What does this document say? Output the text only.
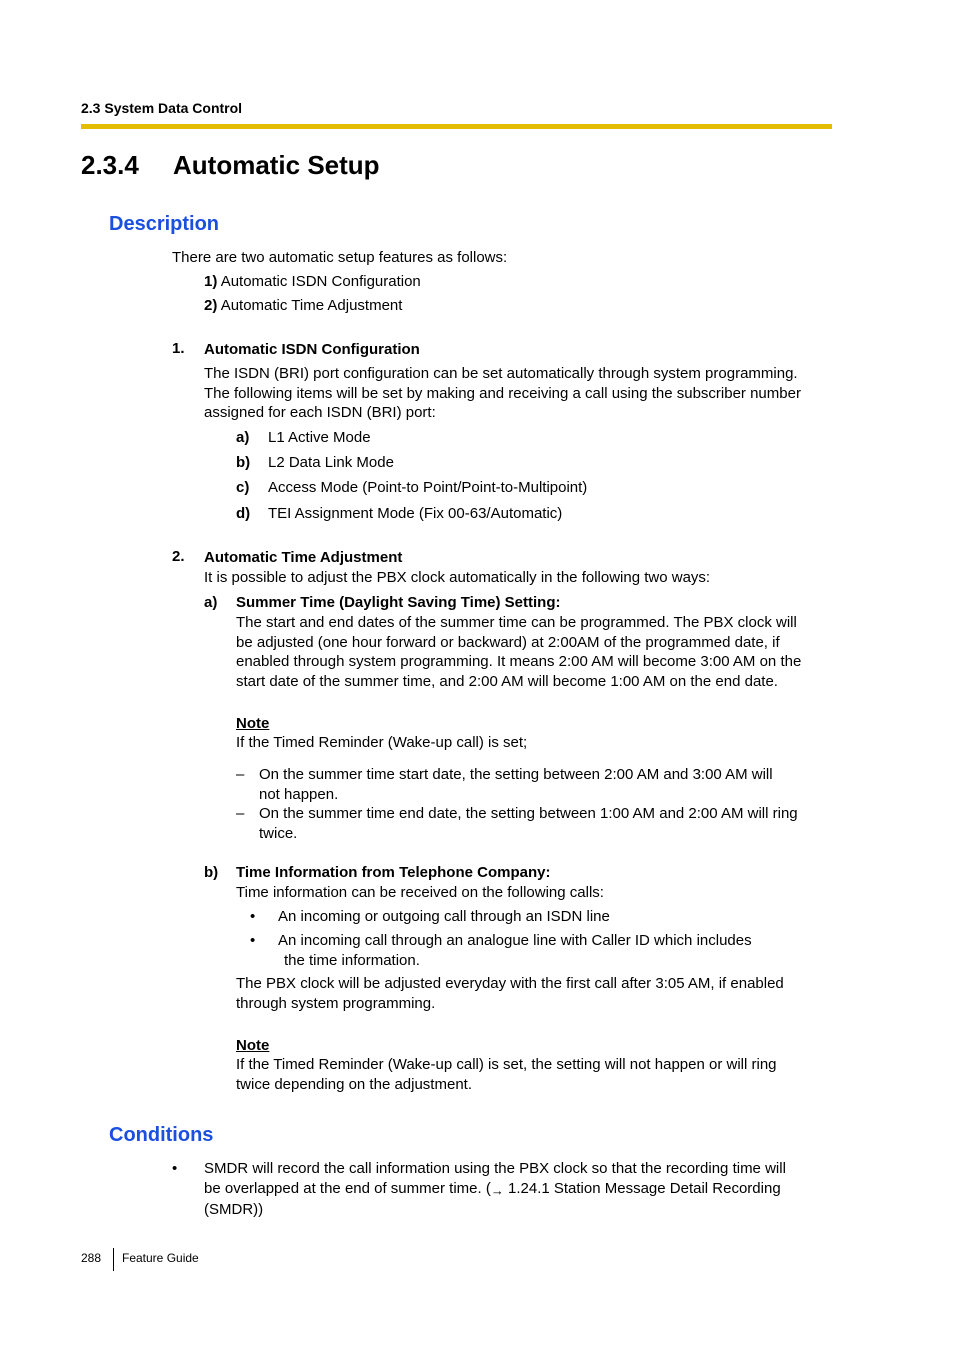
2.3 System Data Control
2.3.4 Automatic Setup
Description
There are two automatic setup features as follows:
1) Automatic ISDN Configuration
2) Automatic Time Adjustment
1. Automatic ISDN Configuration
The ISDN (BRI) port configuration can be set automatically through system programming.
The following items will be set by making and receiving a call using the subscriber number
assigned for each ISDN (BRI) port:
a) L1 Active Mode
b) L2 Data Link Mode
c) Access Mode (Point-to Point/Point-to-Multipoint)
d) TEI Assignment Mode (Fix 00-63/Automatic)
2. Automatic Time Adjustment
It is possible to adjust the PBX clock automatically in the following two ways:
a) Summer Time (Daylight Saving Time) Setting:
The start and end dates of the summer time can be programmed. The PBX clock will
be adjusted (one hour forward or backward) at 2:00AM of the programmed date, if
enabled through system programming. It means 2:00 AM will become 3:00 AM on the
start date of the summer time, and 2:00 AM will become 1:00 AM on the end date.
Note
If the Timed Reminder (Wake-up call) is set;
– On the summer time start date, the setting between 2:00 AM and 3:00 AM will
not happen.
– On the summer time end date, the setting between 1:00 AM and 2:00 AM will ring
twice.
b) Time Information from Telephone Company:
Time information can be received on the following calls:
• An incoming or outgoing call through an ISDN line
• An incoming call through an analogue line with Caller ID which includes
the time information.
The PBX clock will be adjusted everyday with the first call after 3:05 AM, if enabled
through system programming.
Note
If the Timed Reminder (Wake-up call) is set, the setting will not happen or will ring
twice depending on the adjustment.
Conditions
• SMDR will record the call information using the PBX clock so that the recording time will
be overlapped at the end of summer time. (→ 1.24.1 Station Message Detail Recording
(SMDR))
288 Feature Guide
